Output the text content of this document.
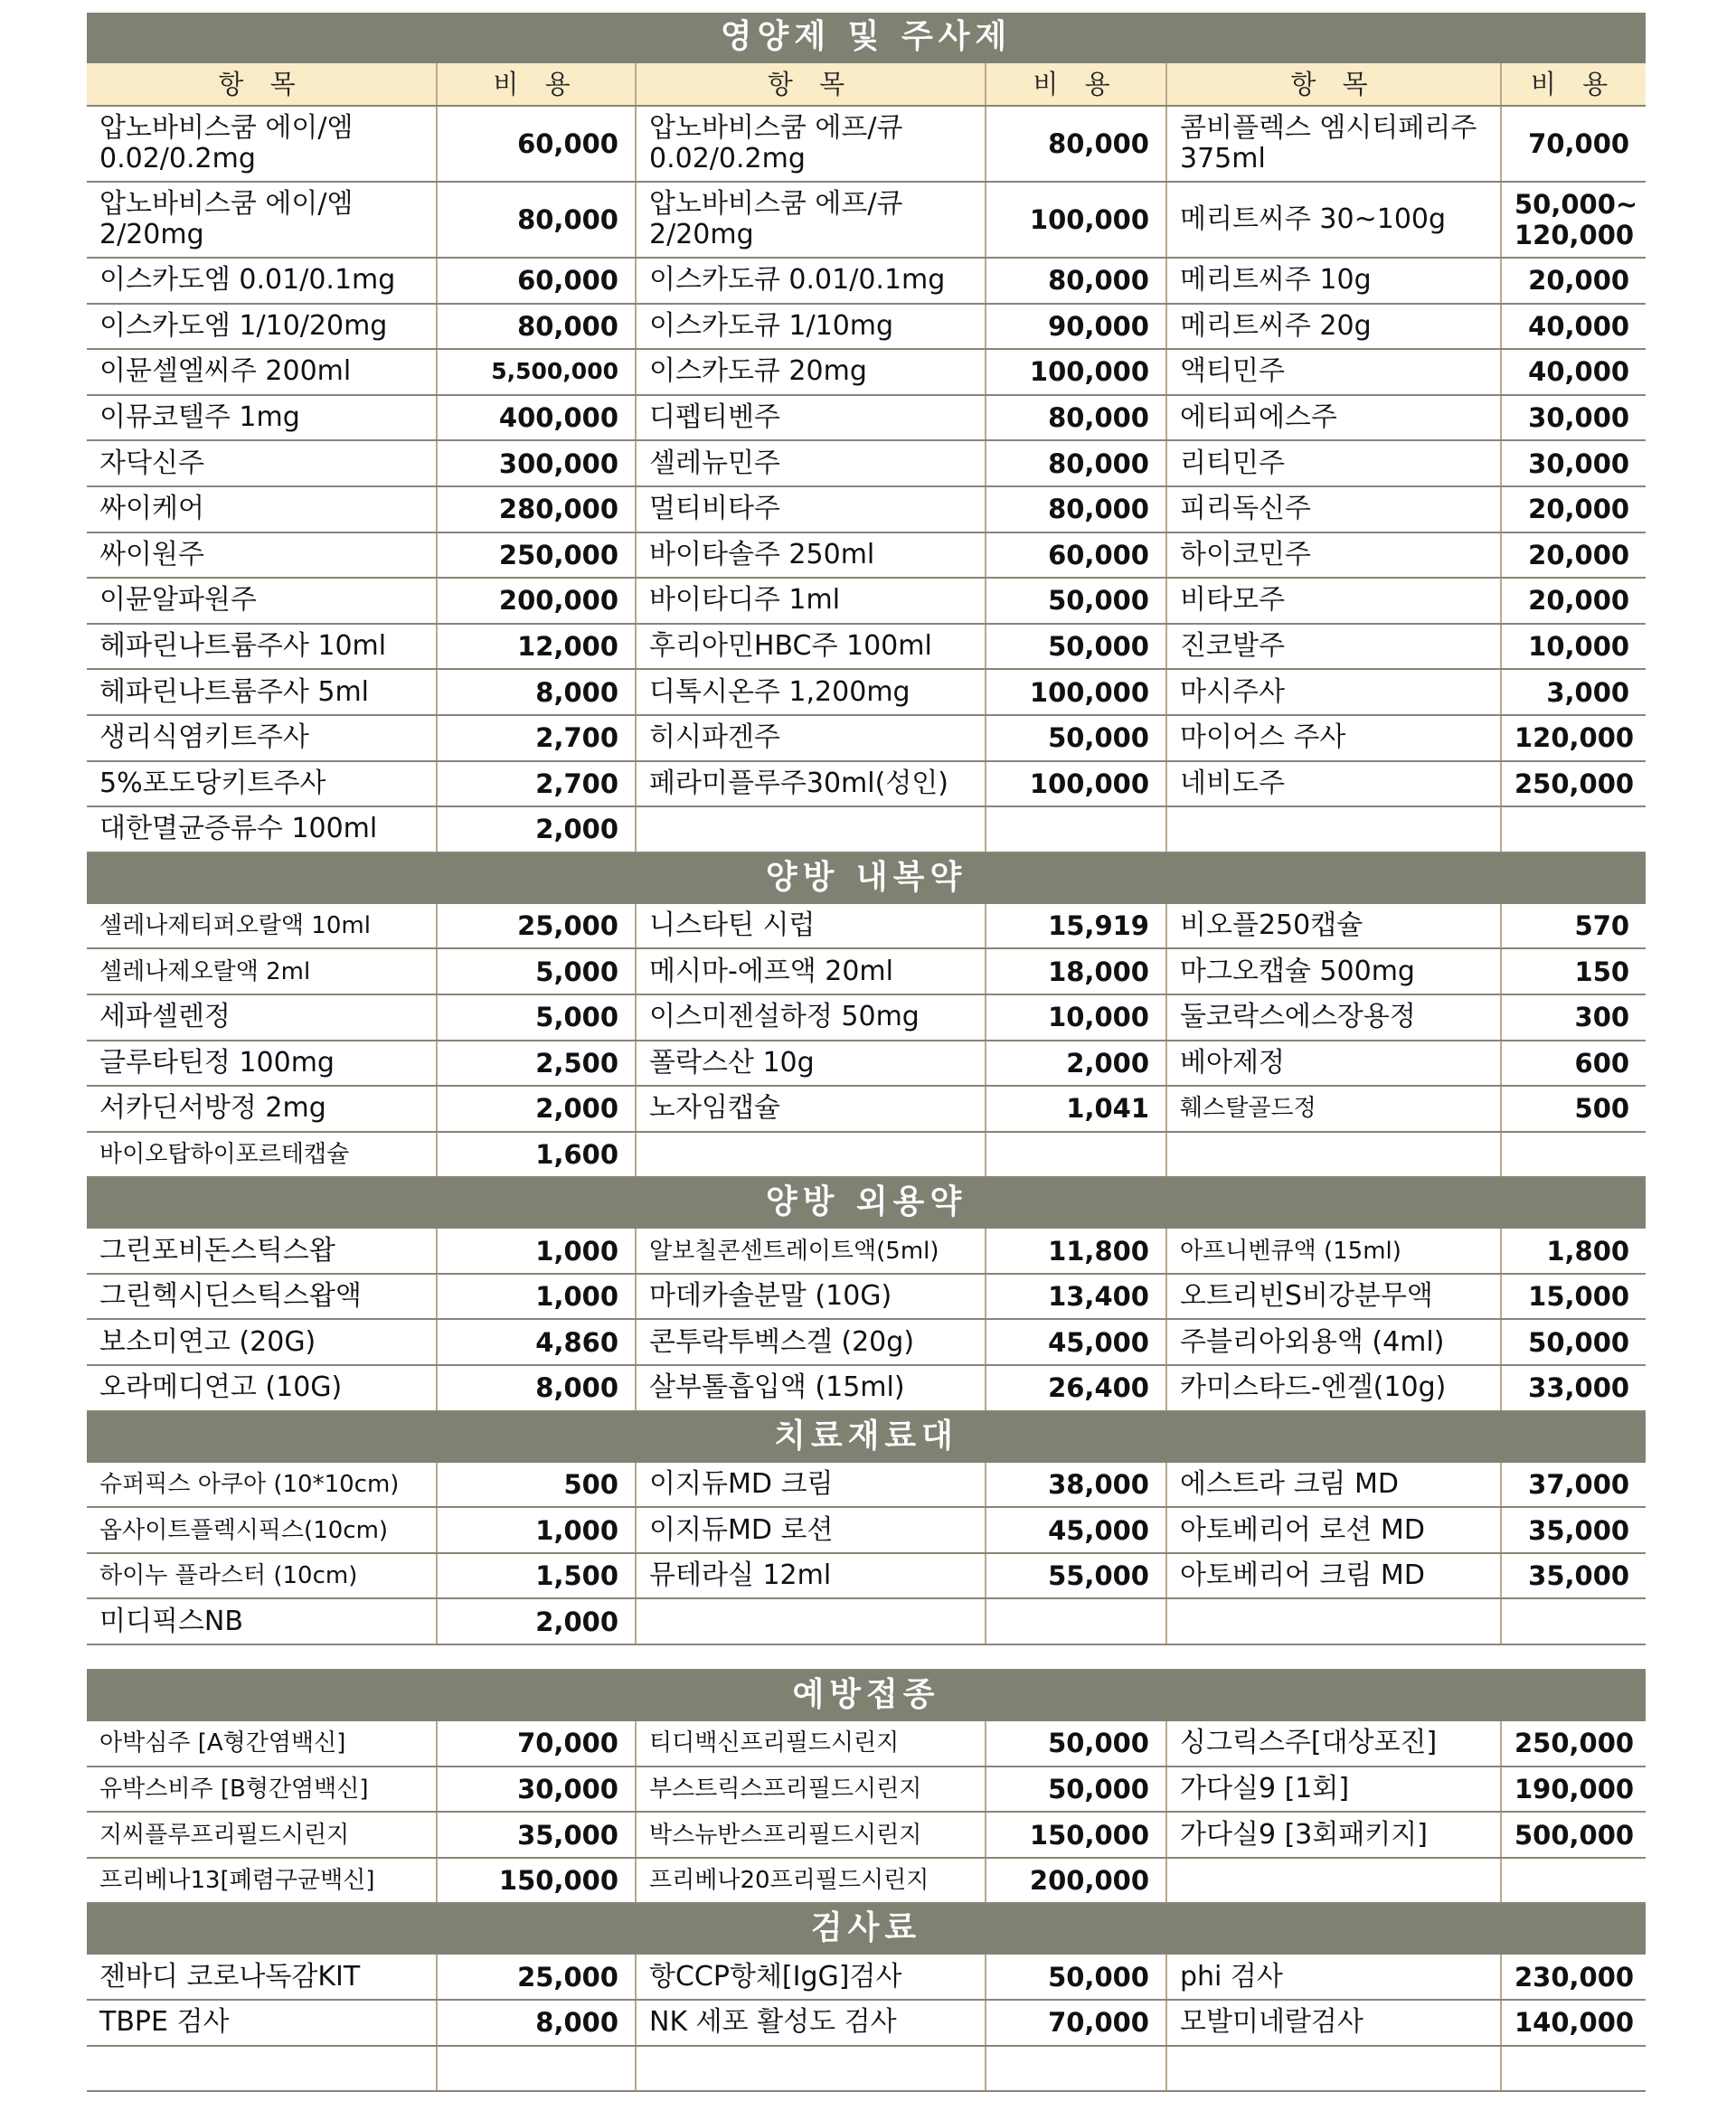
영양제 및 주사제					
항 목	비 용	항 목	비 용	항 목	비 용
압노바비스쿰 에이/엠 0.02/0.2mg	60,000	압노바비스쿰 에프/큐 0.02/0.2mg	80,000	콤비플렉스 엠시티페리주 375ml	70,000
압노바비스쿰 에이/엠 2/20mg	80,000	압노바비스쿰 에프/큐 2/20mg	100,000	메리트씨주 30~100g	50,000~ 120,000
이스카도엠 0.01/0.1mg	60,000	이스카도큐 0.01/0.1mg	80,000	메리트씨주 10g	20,000
이스카도엠 1/10/20mg	80,000	이스카도큐 1/10mg	90,000	메리트씨주 20g	40,000
이뮨셀엘씨주 200ml	5,500,000	이스카도큐 20mg	100,000	액티민주	40,000
이뮤코텔주 1mg	400,000	디펩티벤주	80,000	에티피에스주	30,000
자닥신주	300,000	셀레뉴민주	80,000	리티민주	30,000
싸이케어	280,000	멀티비타주	80,000	피리독신주	20,000
싸이원주	250,000	바이타솔주 250ml	60,000	하이코민주	20,000
이뮨알파원주	200,000	바이타디주 1ml	50,000	비타모주	20,000
헤파린나트륨주사 10ml	12,000	후리아민HBC주 100ml	50,000	진코발주	10,000
헤파린나트륨주사 5ml	8,000	디톡시온주 1,200mg	100,000	마시주사	3,000
생리식염키트주사	2,700	히시파겐주	50,000	마이어스 주사	120,000
5%포도당키트주사	2,700	페라미플루주30ml(성인)	100,000	네비도주	250,000
대한멸균증류수 100ml	2,000				
양방 내복약					
셀레나제티퍼오랄액 10ml	25,000	니스타틴 시럽	15,919	비오플250캡슐	570
셀레나제오랄액 2ml	5,000	메시마-에프액 20ml	18,000	마그오캡슐 500mg	150
세파셀렌정	5,000	이스미젠설하정 50mg	10,000	둘코락스에스장용정	300
글루타틴정 100mg	2,500	폴락스산 10g	2,000	베아제정	600
서카딘서방정 2mg	2,000	노자임캡슐	1,041	훼스탈골드정	500
바이오탑하이포르테캡슐	1,600				
양방 외용약					
그린포비돈스틱스왑	1,000	알보칠콘센트레이트액(5ml)	11,800	아프니벤큐액 (15ml)	1,800
그린헥시딘스틱스왑액	1,000	마데카솔분말 (10G)	13,400	오트리빈S비강분무액	15,000
보소미연고 (20G)	4,860	콘투락투벡스겔 (20g)	45,000	주블리아외용액 (4ml)	50,000
오라메디연고 (10G)	8,000	살부톨흡입액 (15ml)	26,400	카미스타드-엔겔(10g)	33,000
치료재료대					
슈퍼픽스 아쿠아 (10*10cm)	500	이지듀MD 크림	38,000	에스트라 크림 MD	37,000
옵사이트플렉시픽스(10cm)	1,000	이지듀MD 로션	45,000	아토베리어 로션 MD	35,000
하이누 플라스터 (10cm)	1,500	뮤테라실 12ml	55,000	아토베리어 크림 MD	35,000
미디픽스NB	2,000				

예방접종					
아박심주 [A형간염백신]	70,000	티디백신프리필드시린지	50,000	싱그릭스주[대상포진]	250,000
유박스비주 [B형간염백신]	30,000	부스트릭스프리필드시린지	50,000	가다실9 [1회]	190,000
지씨플루프리필드시린지	35,000	박스뉴반스프리필드시린지	150,000	가다실9 [3회패키지]	500,000
프리베나13[폐렴구균백신]	150,000	프리베나20프리필드시린지	200,000		
검사료					
젠바디 코로나독감KIT	25,000	항CCP항체[IgG]검사	50,000	phi 검사	230,000
TBPE 검사	8,000	NK 세포 활성도 검사	70,000	모발미네랄검사	140,000
